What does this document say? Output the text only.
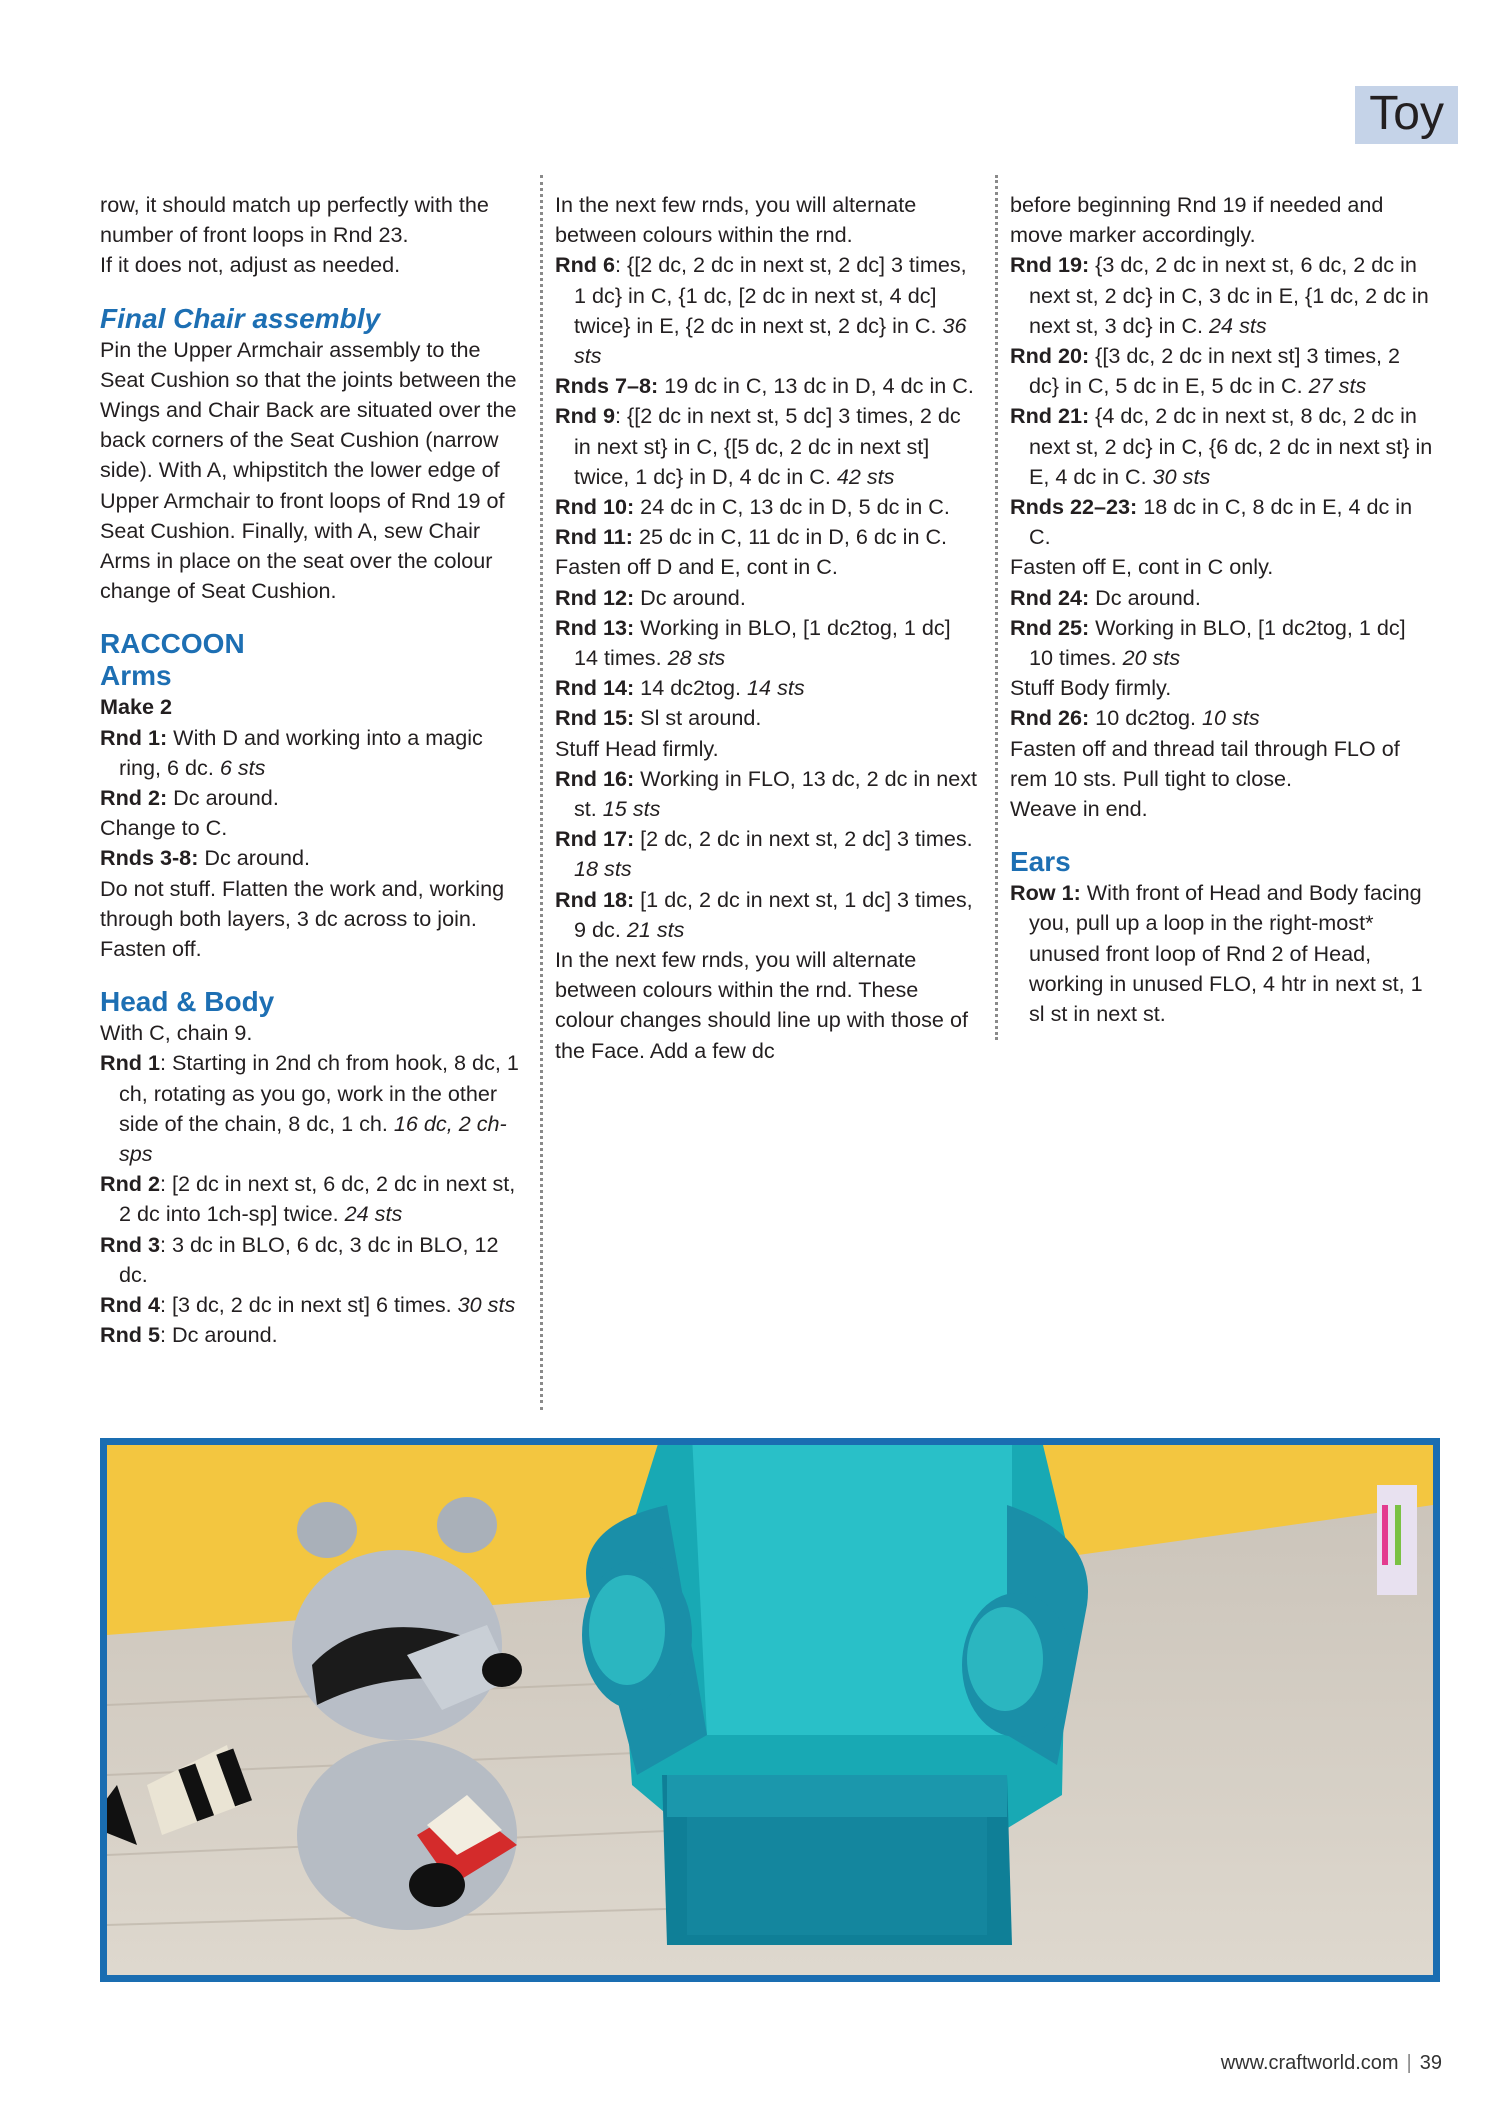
Toy

row, it should match up perfectly with the number of front loops in Rnd 23.

If it does not, adjust as needed.

Final Chair assembly

Pin the Upper Armchair assembly to the Seat Cushion so that the joints between the Wings and Chair Back are situated over the back corners of the Seat Cushion (narrow side). With A, whipstitch the lower edge of Upper Armchair to front loops of Rnd 19 of Seat Cushion. Finally, with A, sew Chair Arms in place on the seat over the colour change of Seat Cushion.

RACCOON
Arms

Make 2

Rnd 1: With D and working into a magic ring, 6 dc. 6 sts

Rnd 2: Dc around.

Change to C.

Rnds 3-8: Dc around.

Do not stuff. Flatten the work and, working through both layers, 3 dc across to join.

Fasten off.

Head & Body

With C, chain 9.

Rnd 1: Starting in 2nd ch from hook, 8 dc, 1 ch, rotating as you go, work in the other side of the chain, 8 dc, 1 ch. 16 dc, 2 ch-sps

Rnd 2: [2 dc in next st, 6 dc, 2 dc in next st, 2 dc into 1ch-sp] twice. 24 sts

Rnd 3: 3 dc in BLO, 6 dc, 3 dc in BLO, 12 dc.

Rnd 4: [3 dc, 2 dc in next st] 6 times. 30 sts

Rnd 5: Dc around.

In the next few rnds, you will alternate between colours within the rnd.

Rnd 6: {[2 dc, 2 dc in next st, 2 dc] 3 times, 1 dc} in C, {1 dc, [2 dc in next st, 4 dc] twice} in E, {2 dc in next st, 2 dc} in C. 36 sts

Rnds 7–8: 19 dc in C, 13 dc in D, 4 dc in C.

Rnd 9: {[2 dc in next st, 5 dc] 3 times, 2 dc in next st} in C, {[5 dc, 2 dc in next st] twice, 1 dc} in D, 4 dc in C. 42 sts

Rnd 10: 24 dc in C, 13 dc in D, 5 dc in C.

Rnd 11: 25 dc in C, 11 dc in D, 6 dc in C.

Fasten off D and E, cont in C.

Rnd 12: Dc around.

Rnd 13: Working in BLO, [1 dc2tog, 1 dc] 14 times. 28 sts

Rnd 14: 14 dc2tog. 14 sts

Rnd 15: Sl st around.

Stuff Head firmly.

Rnd 16: Working in FLO, 13 dc, 2 dc in next st. 15 sts

Rnd 17: [2 dc, 2 dc in next st, 2 dc] 3 times. 18 sts

Rnd 18: [1 dc, 2 dc in next st, 1 dc] 3 times, 9 dc. 21 sts

In the next few rnds, you will alternate between colours within the rnd. These colour changes should line up with those of the Face. Add a few dc

before beginning Rnd 19 if needed and move marker accordingly.

Rnd 19: {3 dc, 2 dc in next st, 6 dc, 2 dc in next st, 2 dc} in C, 3 dc in E, {1 dc, 2 dc in next st, 3 dc} in C. 24 sts

Rnd 20: {[3 dc, 2 dc in next st] 3 times, 2 dc} in C, 5 dc in E, 5 dc in C. 27 sts

Rnd 21: {4 dc, 2 dc in next st, 8 dc, 2 dc in next st, 2 dc} in C, {6 dc, 2 dc in next st} in E, 4 dc in C. 30 sts

Rnds 22–23: 18 dc in C, 8 dc in E, 4 dc in C.

Fasten off E, cont in C only.

Rnd 24: Dc around.

Rnd 25: Working in BLO, [1 dc2tog, 1 dc] 10 times. 20 sts

Stuff Body firmly.

Rnd 26: 10 dc2tog. 10 sts

Fasten off and thread tail through FLO of rem 10 sts. Pull tight to close.

Weave in end.

Ears

Row 1: With front of Head and Body facing you, pull up a loop in the right-most* unused front loop of Rnd 2 of Head, working in unused FLO, 4 htr in next st, 1 sl st in next st.

www.craftworld.com | 39
